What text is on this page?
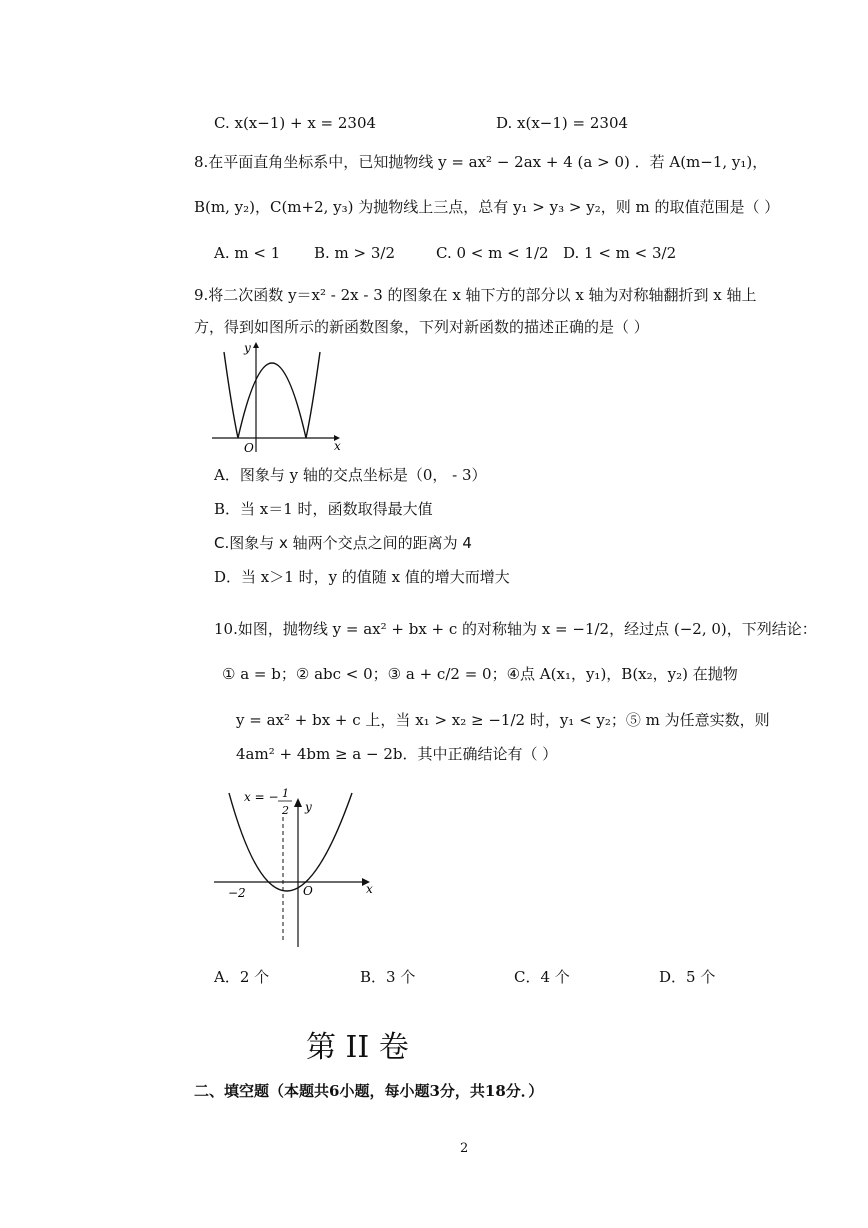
C. x(x−1) + x = 2304	D. x(x−1) = 2304
8.在平面直角坐标系中，已知抛物线 y = ax² − 2ax + 4 (a > 0) ．若 A(m−1, y₁)，
B(m, y₂)，C(m+2, y₃) 为抛物线上三点，总有 y₁ > y₃ > y₂，则 m 的取值范围是（ ）
A. m < 1 B. m > 3/2	C. 0 < m < 1/2 D. 1 < m < 3/2
9.将二次函数 y＝x² - 2x - 3 的图象在 x 轴下方的部分以 x 轴为对称轴翻折到 x 轴上
方，得到如图所示的新函数图象，下列对新函数的描述正确的是（ ）
y
x
O
A．图象与 y 轴的交点坐标是（0， - 3）
B．当 x＝1 时，函数取得最大值
C.图象与 x 轴两个交点之间的距离为 4
D．当 x＞1 时，y 的值随 x 值的增大而增大
10.如图，抛物线 y = ax² + bx + c 的对称轴为 x = −1/2，经过点 (−2, 0)，下列结论：
① a = b；② abc < 0；③ a + c/2 = 0；④点 A(x₁，y₁)，B(x₂，y₂) 在抛物
y = ax² + bx + c 上，当 x₁ > x₂ ≥ −1/2 时，y₁ < y₂；⑤ m 为任意实数，则
4am² + 4bm ≥ a − 2b．其中正确结论有（ ）
x = − 1
2 y
x
O
−2
A．2 个	B．3 个	C．4 个	D．5 个
第 II 卷
二、填空题（本题共6小题，每小题3分，共18分．）
2
